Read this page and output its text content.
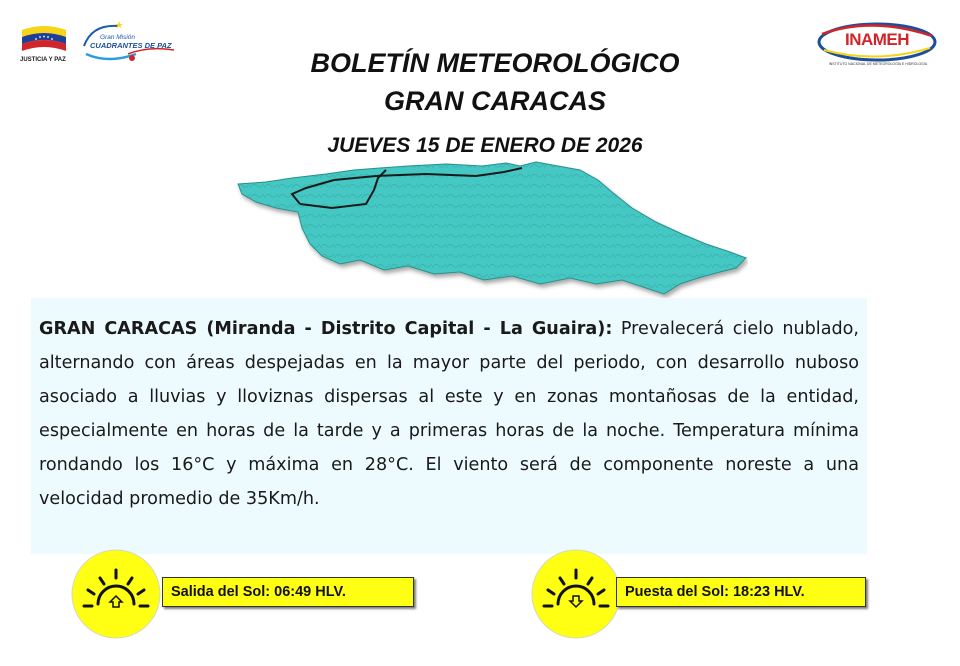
JUSTICIA Y PAZ
Gran Misión
CUADRANTES DE PAZ	INAMEH
INSTITUTO NACIONAL DE METEOROLOGÍA E HIDROLOGÍA
BOLETÍN METEOROLÓGICO
GRAN CARACAS
JUEVES 15 DE ENERO DE 2026

GRAN CARACAS (Miranda - Distrito Capital - La Guaira): Prevalecerá cielo nublado, alternando con áreas despejadas en la mayor parte del periodo, con desarrollo nuboso asociado a lluvias y lloviznas dispersas al este y en zonas montañosas de la entidad, especialmente en horas de la tarde y a primeras horas de la noche. Temperatura mínima rondando los 16°C y máxima en 28°C. El viento será de componente noreste a una velocidad promedio de 35Km/h.

Salida del Sol: 06:49 HLV.	Puesta del Sol: 18:23 HLV.
